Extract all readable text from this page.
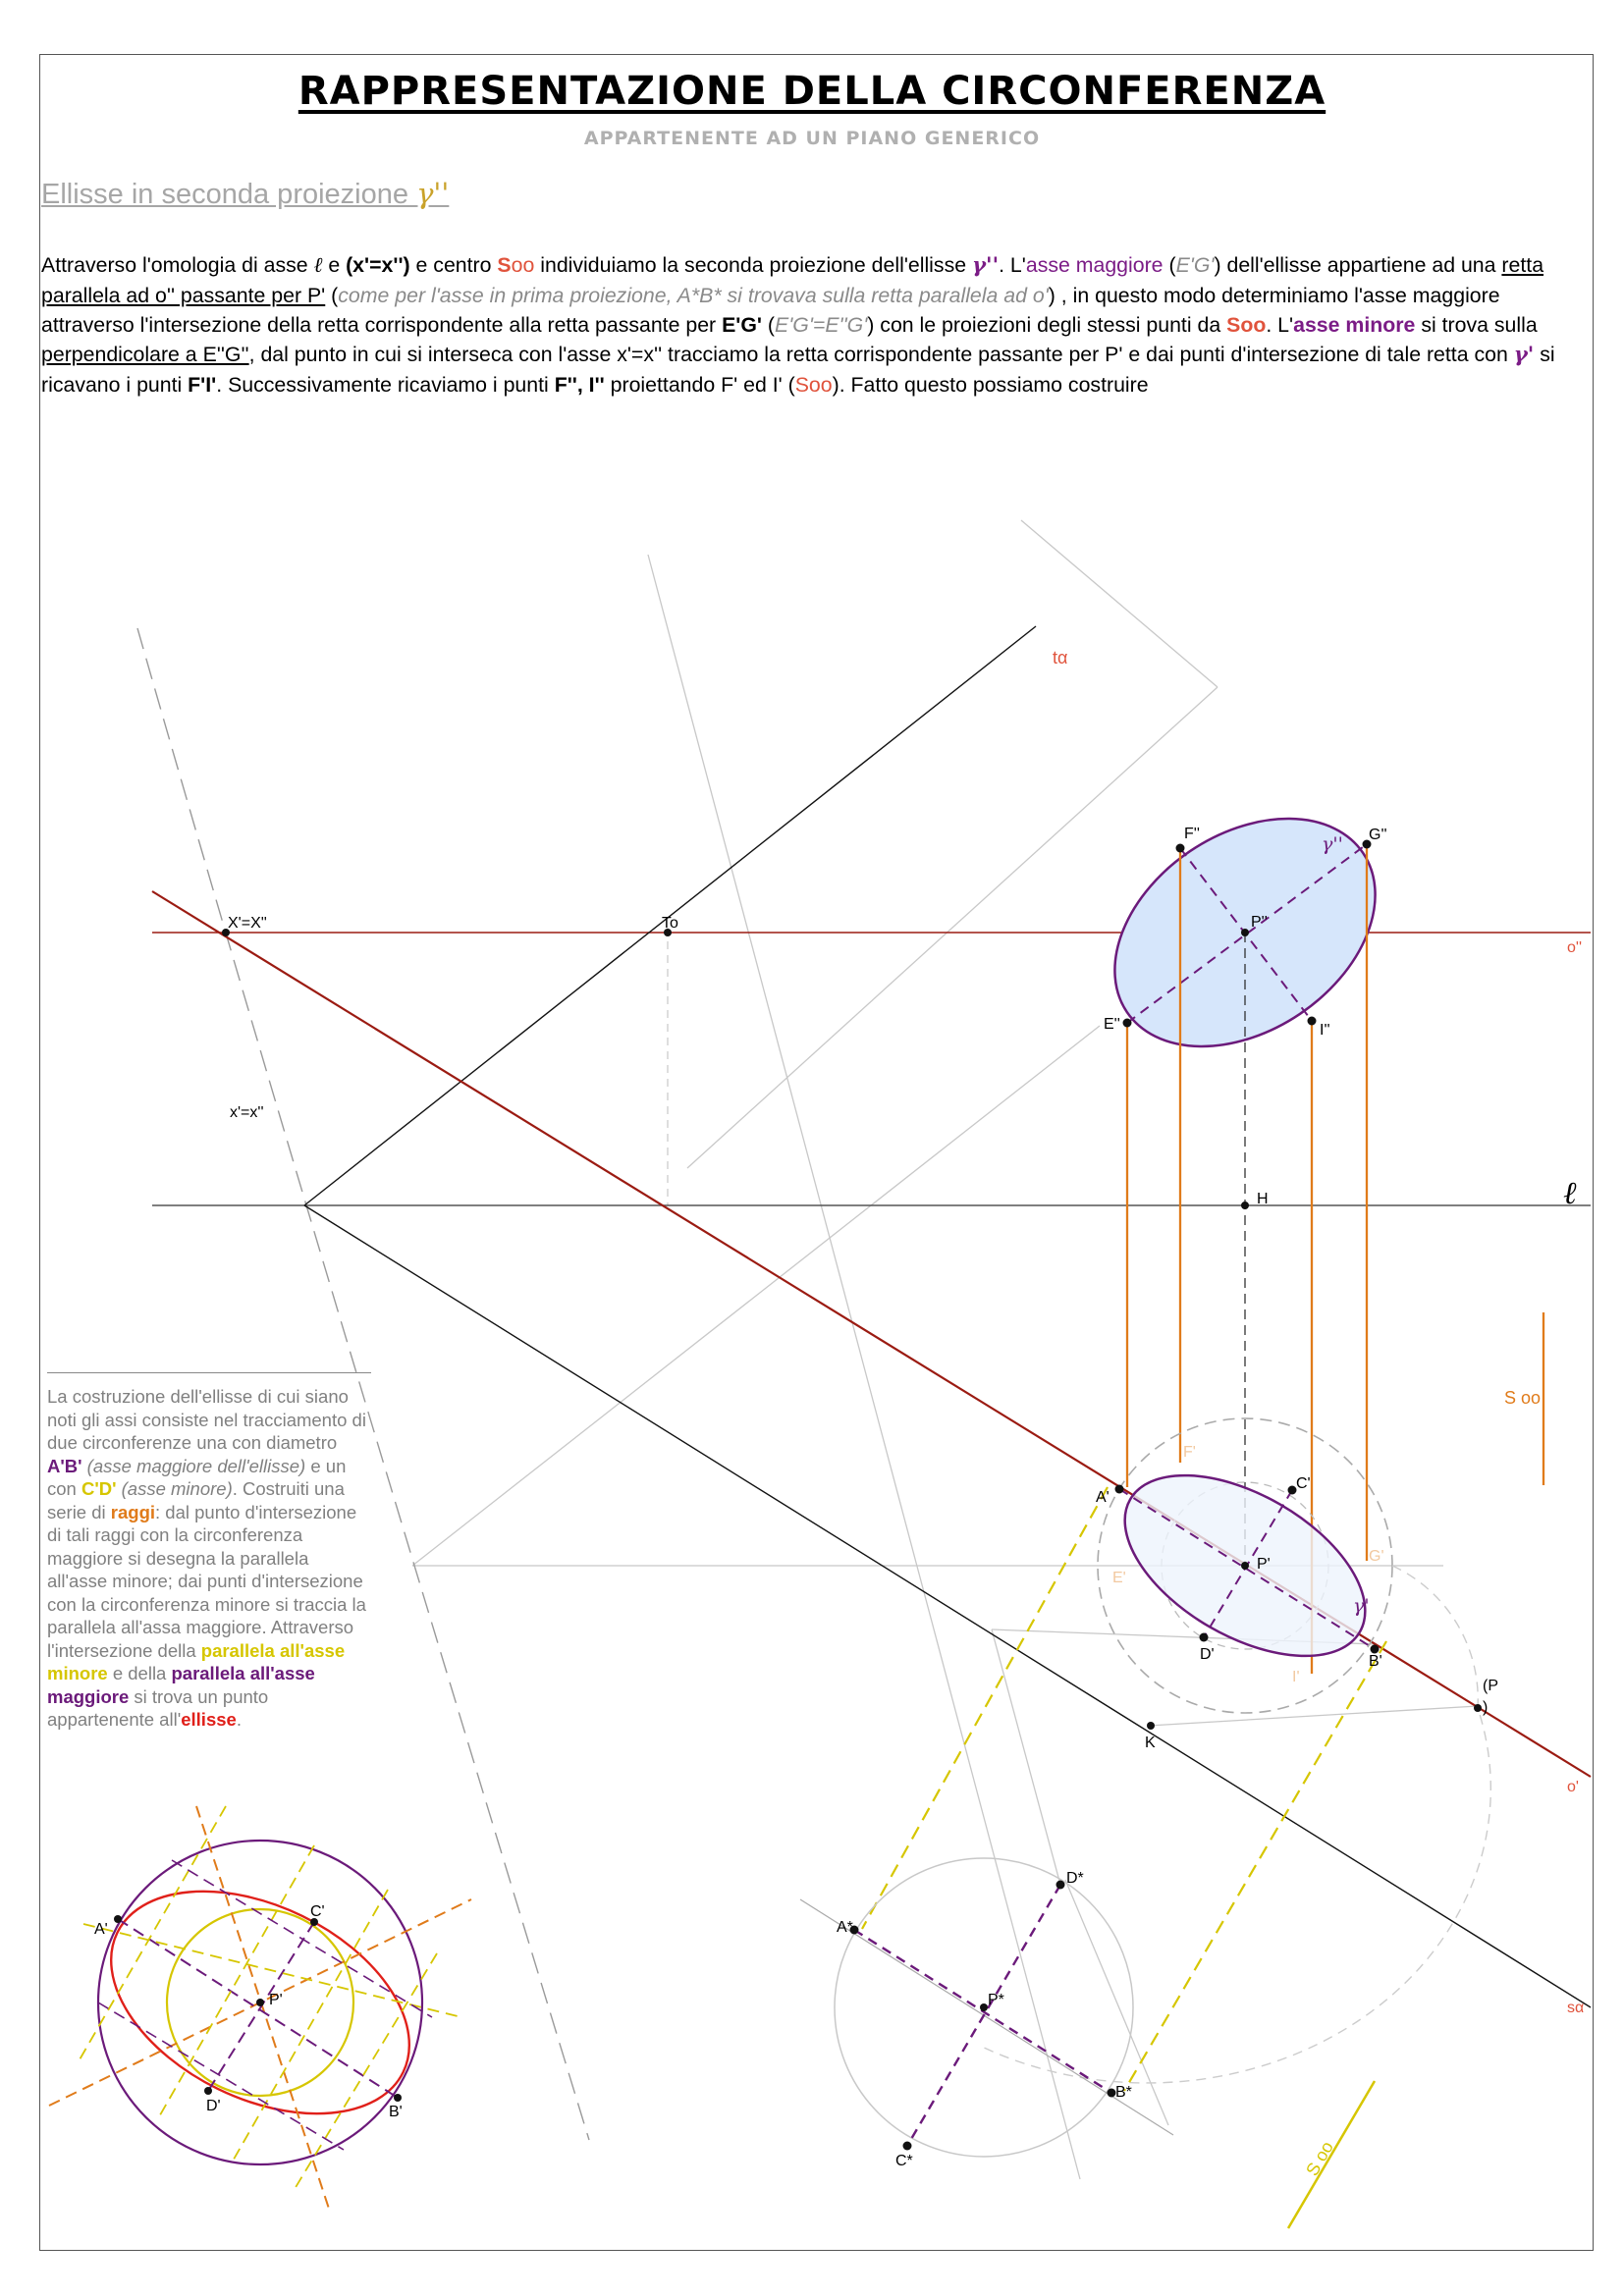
RAPPRESENTAZIONE DELLA CIRCONFERENZA
APPARTENENTE AD UN PIANO GENERICO
Ellisse in seconda proiezione γ''
Attraverso l'omologia di asse ℓ e (x'=x'') e centro Soo individuiamo la seconda proiezione dell'ellisse γ''. L'asse maggiore (E'G') dell'ellisse appartiene ad una retta parallela ad o'' passante per P' (come per l'asse in prima proiezione, A*B* si trovava sulla retta parallela ad o') , in questo modo determiniamo l'asse maggiore attraverso l'intersezione della retta corrispondente alla retta passante per E'G' (E'G'=E''G') con le proiezioni degli stessi punti da Soo. L'asse minore si trova sulla perpendicolare a E''G'', dal punto in cui si interseca con l'asse x'=x'' tracciamo la retta corrispondente passante per P' e dai punti d'intersezione di tale retta con γ' si ricavano i punti F'I'. Successivamente ricaviamo i punti F'', I'' proiettando F' ed I' (Soo). Fatto questo possiamo costruire
La costruzione dell'ellisse di cui siano noti gli assi consiste nel tracciamento di due circonferenze una con diametro A'B' (asse maggiore dell'ellisse) e un con C'D' (asse minore). Costruiti una serie di raggi: dal punto d'intersezione di tali raggi con la circonferenza maggiore si desegna la parallela all'asse minore; dai punti d'intersezione con la circonferenza minore si traccia la parallela all'assa maggiore. Attraverso l'intersezione della parallela all'asse minore e della parallela all'asse maggiore si trova un punto appartenente all'ellisse.
tα
X'=X''	To
o''
x'=x''
ℓ
H
F''	G''
γ''
P''
E''	I''
S oo
A'
C'
F'
P'
E'
G'
γ'
D'	B'
I'
(P
)
K
o'
sα
D*
A*
P*
B*
C*	S oo
A'
C'
P'
D'	B'
